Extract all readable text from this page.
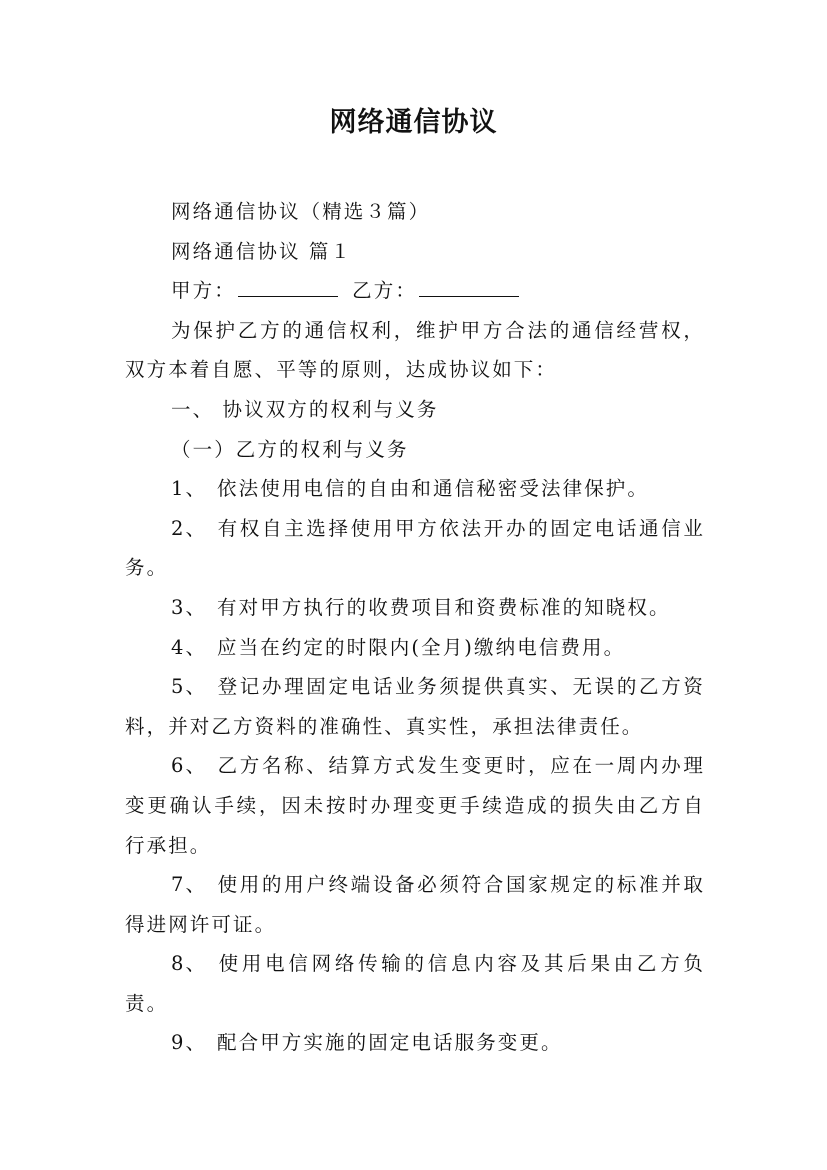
网络通信协议

网络通信协议（精选３篇）

网络通信协议 篇１

甲方：	乙方：

为保护乙方的通信权利，维护甲方合法的通信经营权，双方本着自愿、平等的原则，达成协议如下：

一、 协议双方的权利与义务

（一）乙方的权利与义务

1、 依法使用电信的自由和通信秘密受法律保护。

2、 有权自主选择使用甲方依法开办的固定电话通信业务。

3、 有对甲方执行的收费项目和资费标准的知晓权。

4、 应当在约定的时限内(全月)缴纳电信费用。

5、 登记办理固定电话业务须提供真实、无误的乙方资料，并对乙方资料的准确性、真实性，承担法律责任。

6、 乙方名称、结算方式发生变更时，应在一周内办理变更确认手续，因未按时办理变更手续造成的损失由乙方自行承担。

7、 使用的用户终端设备必须符合国家规定的标准并取得进网许可证。

8、 使用电信网络传输的信息内容及其后果由乙方负责。

9、 配合甲方实施的固定电话服务变更。
